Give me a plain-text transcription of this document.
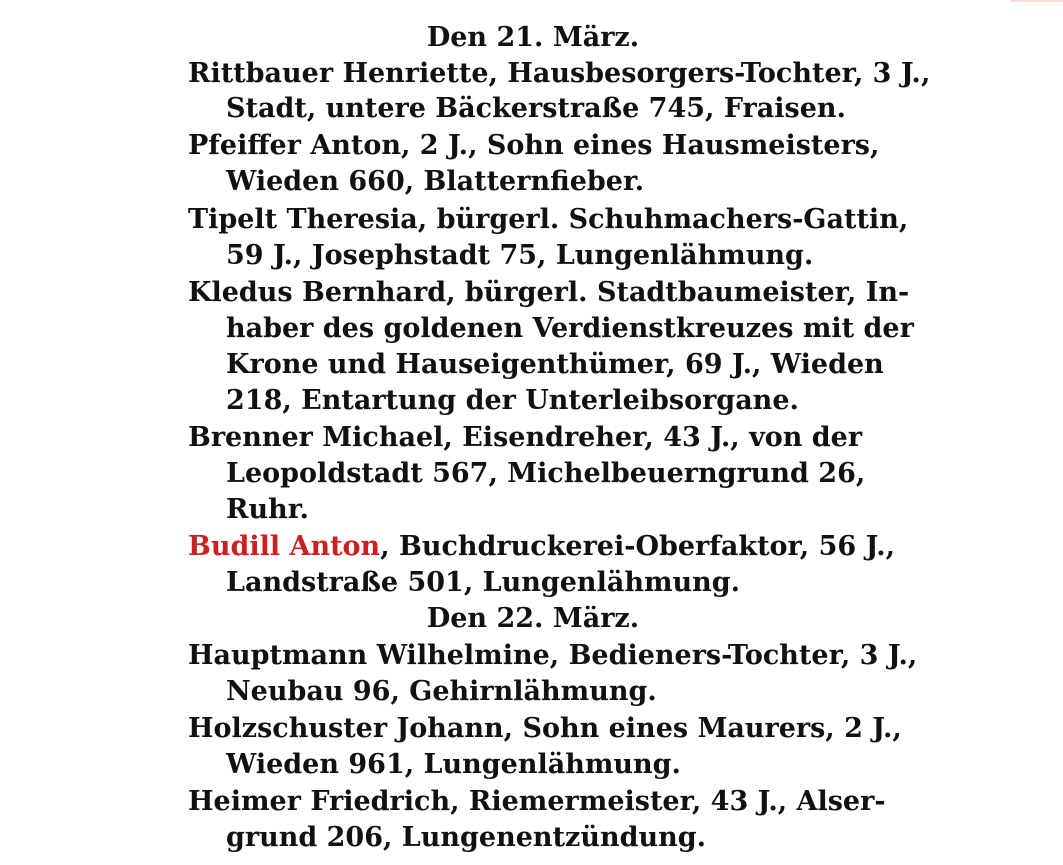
Den 21. März.
Rittbauer Henriette, Hausbesorgers-Tochter, 3 J.,
Stadt, untere Bäckerstraße 745, Fraisen.
Pfeiffer Anton, 2 J., Sohn eines Hausmeisters,
Wieden 660, Blatternfieber.
Tipelt Theresia, bürgerl. Schuhmachers-Gattin,
59 J., Josephstadt 75, Lungenlähmung.
Kledus Bernhard, bürgerl. Stadtbaumeister, In-
haber des goldenen Verdienstkreuzes mit der
Krone und Hauseigenthümer, 69 J., Wieden
218, Entartung der Unterleibsorgane.
Brenner Michael, Eisendreher, 43 J., von der
Leopoldstadt 567, Michelbeuerngrund 26,
Ruhr.
Budill Anton, Buchdruckerei-Oberfaktor, 56 J.,
Landstraße 501, Lungenlähmung.
Den 22. März.
Hauptmann Wilhelmine, Bedieners-Tochter, 3 J.,
Neubau 96, Gehirnlähmung.
Holzschuster Johann, Sohn eines Maurers, 2 J.,
Wieden 961, Lungenlähmung.
Heimer Friedrich, Riemermeister, 43 J., Alser-
grund 206, Lungenentzündung.
